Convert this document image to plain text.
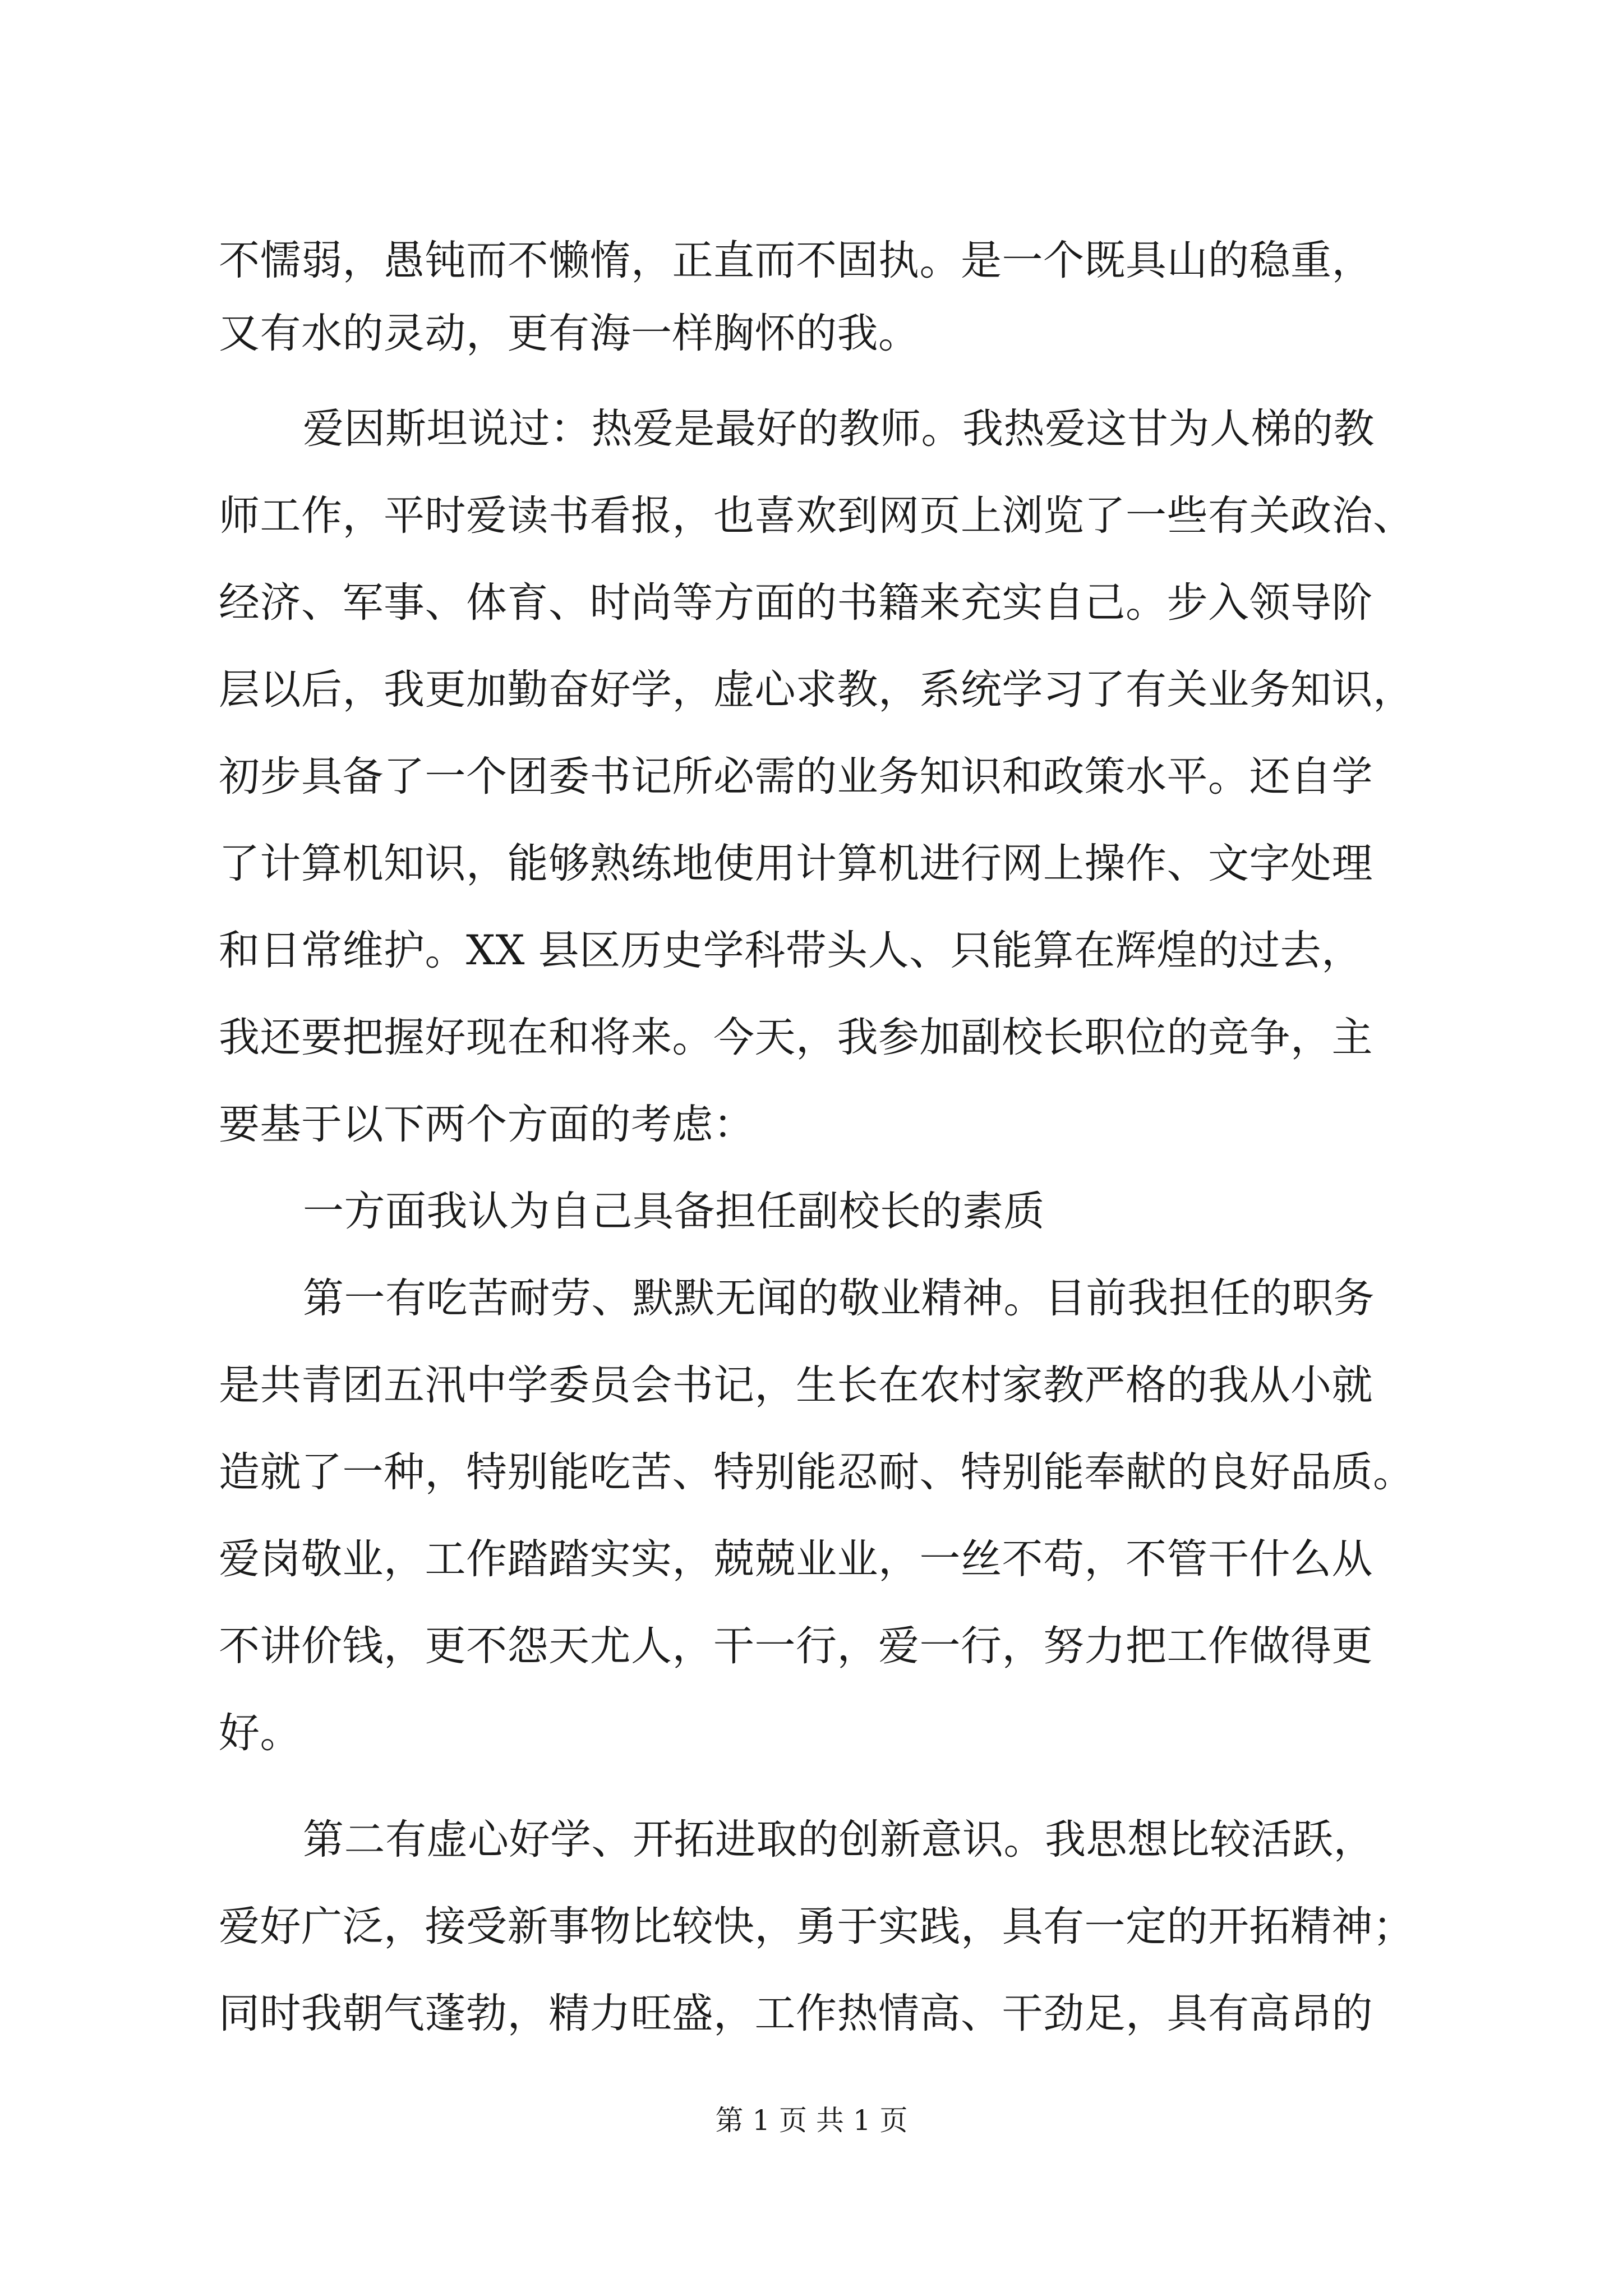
不懦弱，愚钝而不懒惰，正直而不固执。是一个既具山的稳重，
又有水的灵动，更有海一样胸怀的我。
爱因斯坦说过：热爱是最好的教师。我热爱这甘为人梯的教
师工作，平时爱读书看报，也喜欢到网页上浏览了一些有关政治、
经济、军事、体育、时尚等方面的书籍来充实自己。步入领导阶
层以后，我更加勤奋好学，虚心求教，系统学习了有关业务知识，
初步具备了一个团委书记所必需的业务知识和政策水平。还自学
了计算机知识，能够熟练地使用计算机进行网上操作、文字处理
和日常维护。XX 县区历史学科带头人、只能算在辉煌的过去，
我还要把握好现在和将来。今天，我参加副校长职位的竞争，主
要基于以下两个方面的考虑：
一方面我认为自己具备担任副校长的素质
第一有吃苦耐劳、默默无闻的敬业精神。目前我担任的职务
是共青团五汛中学委员会书记，生长在农村家教严格的我从小就
造就了一种，特别能吃苦、特别能忍耐、特别能奉献的良好品质。
爱岗敬业，工作踏踏实实，兢兢业业，一丝不苟，不管干什么从
不讲价钱，更不怨天尤人，干一行，爱一行，努力把工作做得更
好。
第二有虚心好学、开拓进取的创新意识。我思想比较活跃，
爱好广泛，接受新事物比较快，勇于实践，具有一定的开拓精神；
同时我朝气蓬勃，精力旺盛，工作热情高、干劲足，具有高昂的
第 1 页 共 1 页
